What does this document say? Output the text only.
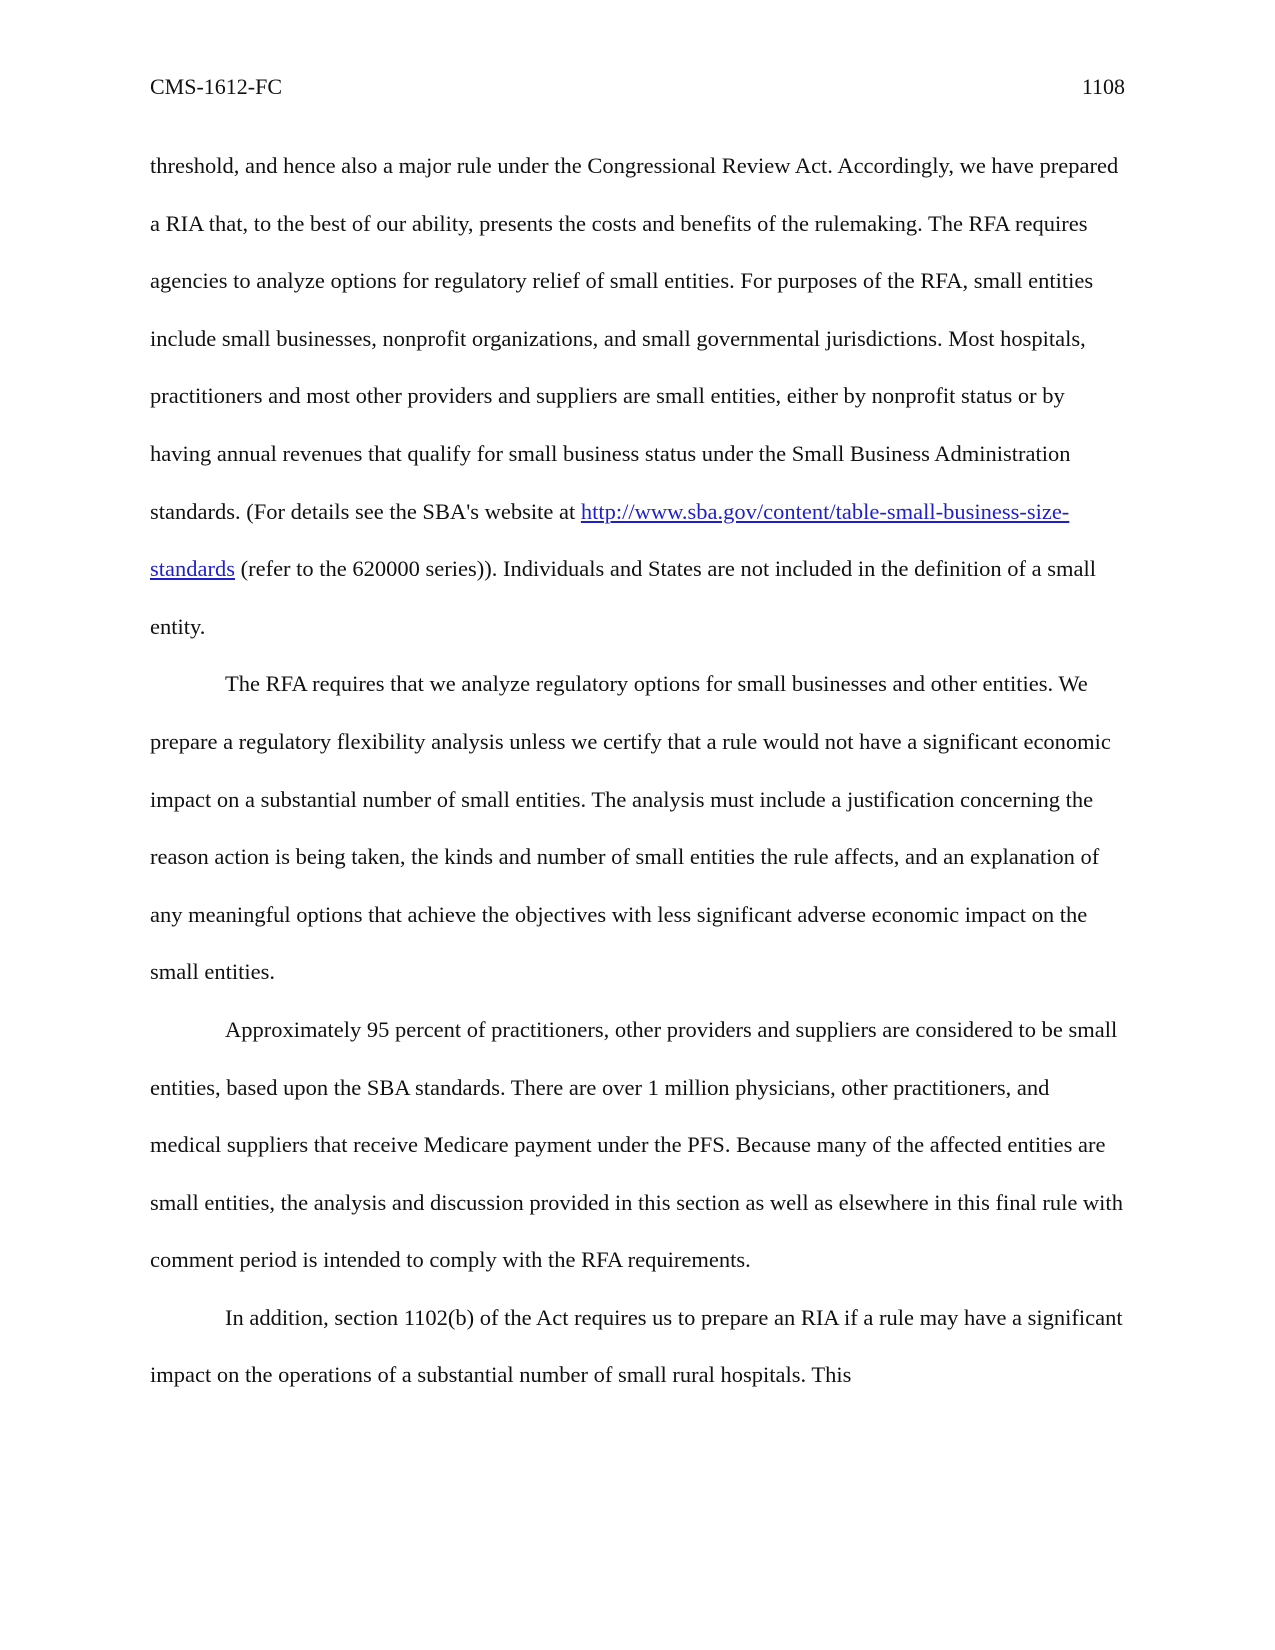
CMS-1612-FC	1108

threshold, and hence also a major rule under the Congressional Review Act. Accordingly, we have prepared a RIA that, to the best of our ability, presents the costs and benefits of the rulemaking. The RFA requires agencies to analyze options for regulatory relief of small entities. For purposes of the RFA, small entities include small businesses, nonprofit organizations, and small governmental jurisdictions. Most hospitals, practitioners and most other providers and suppliers are small entities, either by nonprofit status or by having annual revenues that qualify for small business status under the Small Business Administration standards. (For details see the SBA's website at http://www.sba.gov/content/table-small-business-size-standards (refer to the 620000 series)). Individuals and States are not included in the definition of a small entity.

The RFA requires that we analyze regulatory options for small businesses and other entities. We prepare a regulatory flexibility analysis unless we certify that a rule would not have a significant economic impact on a substantial number of small entities. The analysis must include a justification concerning the reason action is being taken, the kinds and number of small entities the rule affects, and an explanation of any meaningful options that achieve the objectives with less significant adverse economic impact on the small entities.

Approximately 95 percent of practitioners, other providers and suppliers are considered to be small entities, based upon the SBA standards. There are over 1 million physicians, other practitioners, and medical suppliers that receive Medicare payment under the PFS. Because many of the affected entities are small entities, the analysis and discussion provided in this section as well as elsewhere in this final rule with comment period is intended to comply with the RFA requirements.

In addition, section 1102(b) of the Act requires us to prepare an RIA if a rule may have a significant impact on the operations of a substantial number of small rural hospitals. This
